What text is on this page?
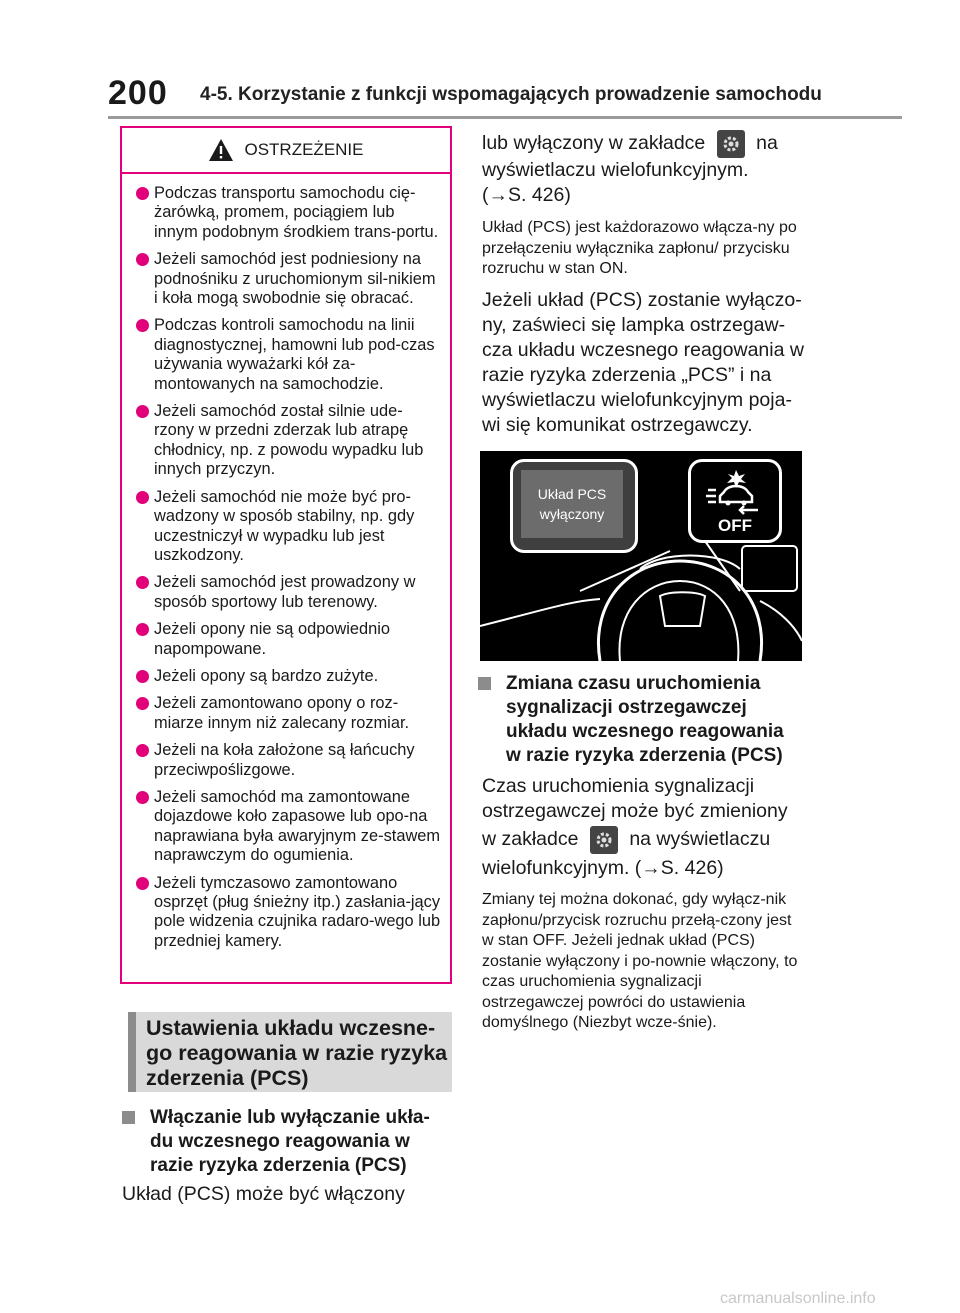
200 4-5. Korzystanie z funkcji wspomagających prowadzenie samochodu
OSTRZEŻENIE
Podczas transportu samochodu cię-żarówką, promem, pociągiem lub innym podobnym środkiem trans-portu.
Jeżeli samochód jest podniesiony na podnośniku z uruchomionym sil-nikiem i koła mogą swobodnie się obracać.
Podczas kontroli samochodu na linii diagnostycznej, hamowni lub pod-czas używania wyważarki kół za-montowanych na samochodzie.
Jeżeli samochód został silnie ude-rzony w przedni zderzak lub atrapę chłodnicy, np. z powodu wypadku lub innych przyczyn.
Jeżeli samochód nie może być pro-wadzony w sposób stabilny, np. gdy uczestniczył w wypadku lub jest uszkodzony.
Jeżeli samochód jest prowadzony w sposób sportowy lub terenowy.
Jeżeli opony nie są odpowiednio napompowane.
Jeżeli opony są bardzo zużyte.
Jeżeli zamontowano opony o roz-miarze innym niż zalecany rozmiar.
Jeżeli na koła założone są łańcuchy przeciwpoślizgowe.
Jeżeli samochód ma zamontowane dojazdowe koło zapasowe lub opo-na naprawiana była awaryjnym ze-stawem naprawczym do ogumienia.
Jeżeli tymczasowo zamontowano osprzęt (pług śnieżny itp.) zasłania-jący pole widzenia czujnika radaro-wego lub przedniej kamery.
Ustawienia układu wczesne-go reagowania w razie ryzyka zderzenia (PCS)
Włączanie lub wyłączanie ukła-du wczesnego reagowania w razie ryzyka zderzenia (PCS)
Układ (PCS) może być włączony
lub wyłączony w zakładce	na
wyświetlaczu wielofunkcyjnym.
(→S. 426)
Układ (PCS) jest każdorazowo włącza-ny po przełączeniu wyłącznika zapłonu/ przycisku rozruchu w stan ON.
Jeżeli układ (PCS) zostanie wyłączo-ny, zaświeci się lampka ostrzegaw-cza układu wczesnego reagowania w razie ryzyka zderzenia „PCS” i na wyświetlaczu wielofunkcyjnym poja-wi się komunikat ostrzegawczy.
Układ PCS
wyłączony
OFF
Zmiana czasu uruchomienia sygnalizacji ostrzegawczej układu wczesnego reagowania w razie ryzyka zderzenia (PCS)
Czas uruchomienia sygnalizacji ostrzegawczej może być zmieniony
w zakładce	na wyświetlaczu
wielofunkcyjnym. (→S. 426)
Zmiany tej można dokonać, gdy wyłącz-nik zapłonu/przycisk rozruchu przełą-czony jest w stan OFF. Jeżeli jednak układ (PCS) zostanie wyłączony i po-nownie włączony, to czas uruchomienia sygnalizacji ostrzegawczej powróci do ustawienia domyślnego (Niezbyt wcze-śnie).
carmanualsonline.info
